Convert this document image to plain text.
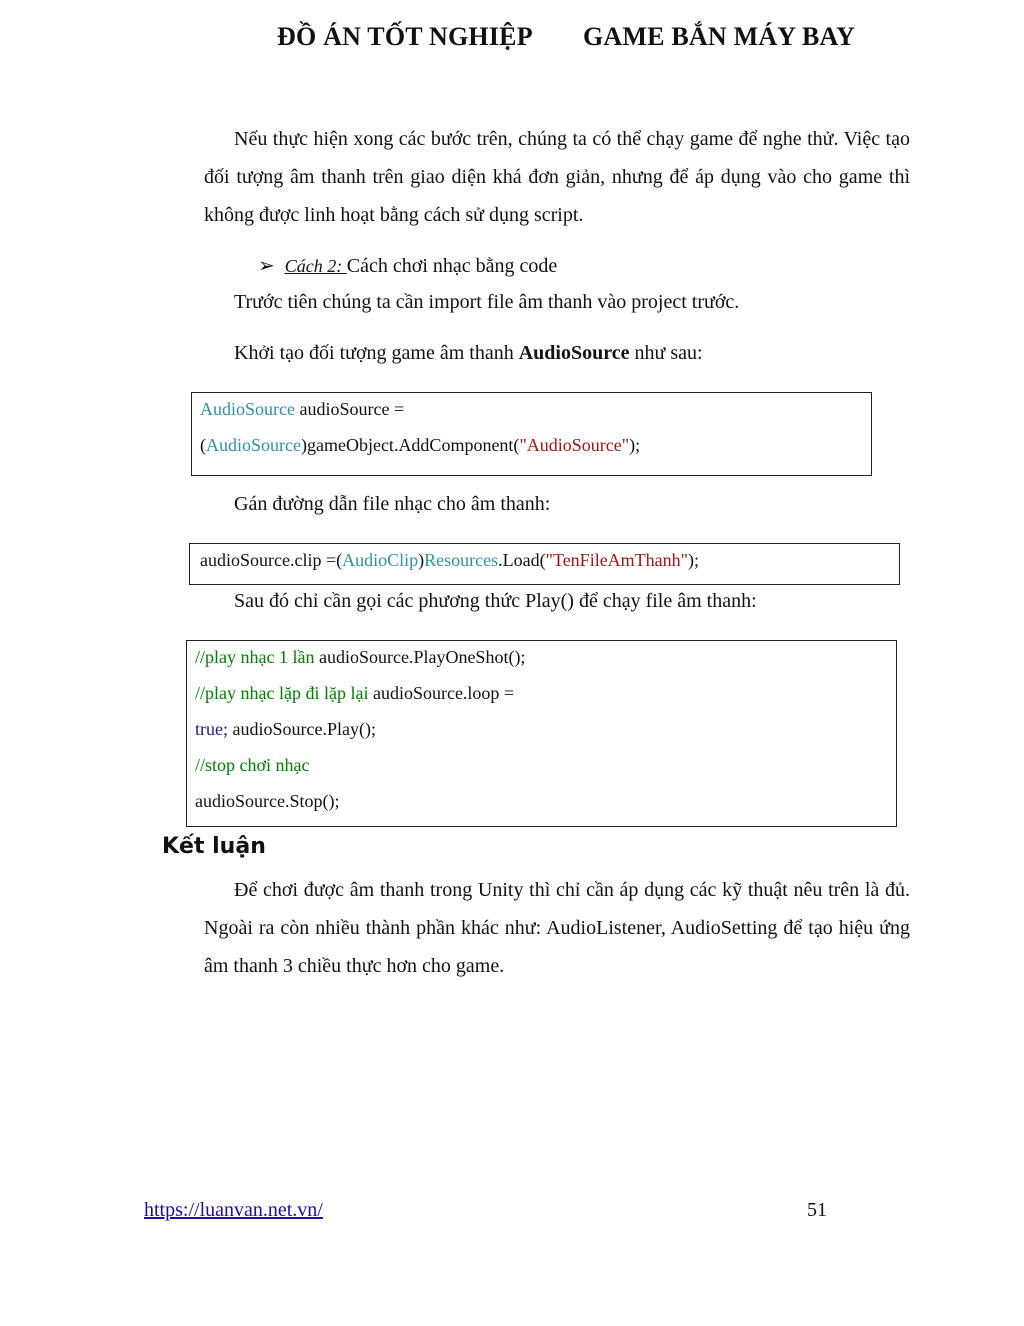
ĐỒ ÁN TỐT NGHIỆP GAME BẮN MÁY BAY
Nếu thực hiện xong các bước trên, chúng ta có thể chạy game để nghe thử. Việc tạo đối tượng âm thanh trên giao diện khá đơn giản, nhưng để áp dụng vào cho game thì không được linh hoạt bằng cách sử dụng script.
➢ Cách 2: Cách chơi nhạc bằng code
Trước tiên chúng ta cần import file âm thanh vào project trước.
Khởi tạo đối tượng game âm thanh AudioSource như sau:
AudioSource audioSource =
(AudioSource)gameObject.AddComponent("AudioSource");
Gán đường dẫn file nhạc cho âm thanh:
audioSource.clip =(AudioClip)Resources.Load("TenFileAmThanh");
Sau đó chỉ cần gọi các phương thức Play() để chạy file âm thanh:
//play nhạc 1 lần audioSource.PlayOneShot();
//play nhạc lặp đi lặp lại audioSource.loop =
true; audioSource.Play();
//stop chơi nhạc
audioSource.Stop();
Kết luận
Để chơi được âm thanh trong Unity thì chỉ cần áp dụng các kỹ thuật nêu trên là đủ. Ngoài ra còn nhiều thành phần khác như: AudioListener, AudioSetting để tạo hiệu ứng âm thanh 3 chiều thực hơn cho game.
https://luanvan.net.vn/	51
